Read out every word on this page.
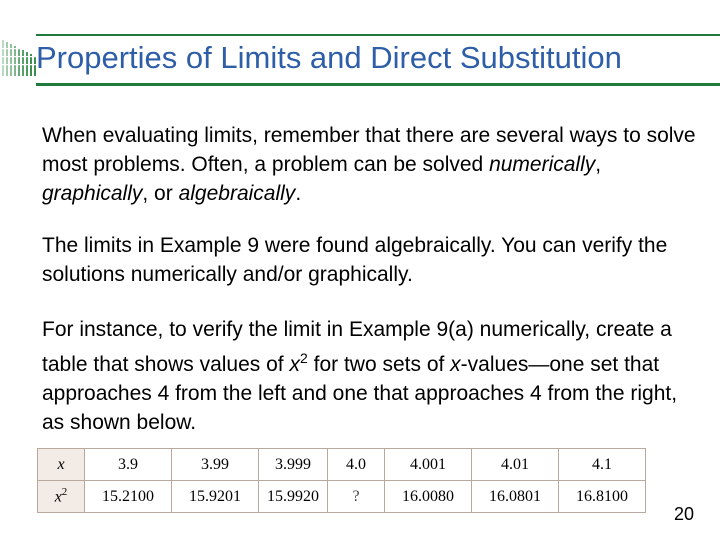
Properties of Limits and Direct Substitution

When evaluating limits, remember that there are several ways to solve most problems. Often, a problem can be solved numerically, graphically, or algebraically.

The limits in Example 9 were found algebraically. You can verify the solutions numerically and/or graphically.

For instance, to verify the limit in Example 9(a) numerically, create a table that shows values of $x^2$ for two sets of x-values—one set that approaches 4 from the left and one that approaches 4 from the right, as shown below.

x	3.9	3.99	3.999	4.0	4.001	4.01	4.1
$x^2$	15.2100	15.9201	15.9920	?	16.0080	16.0801	16.8100
20
